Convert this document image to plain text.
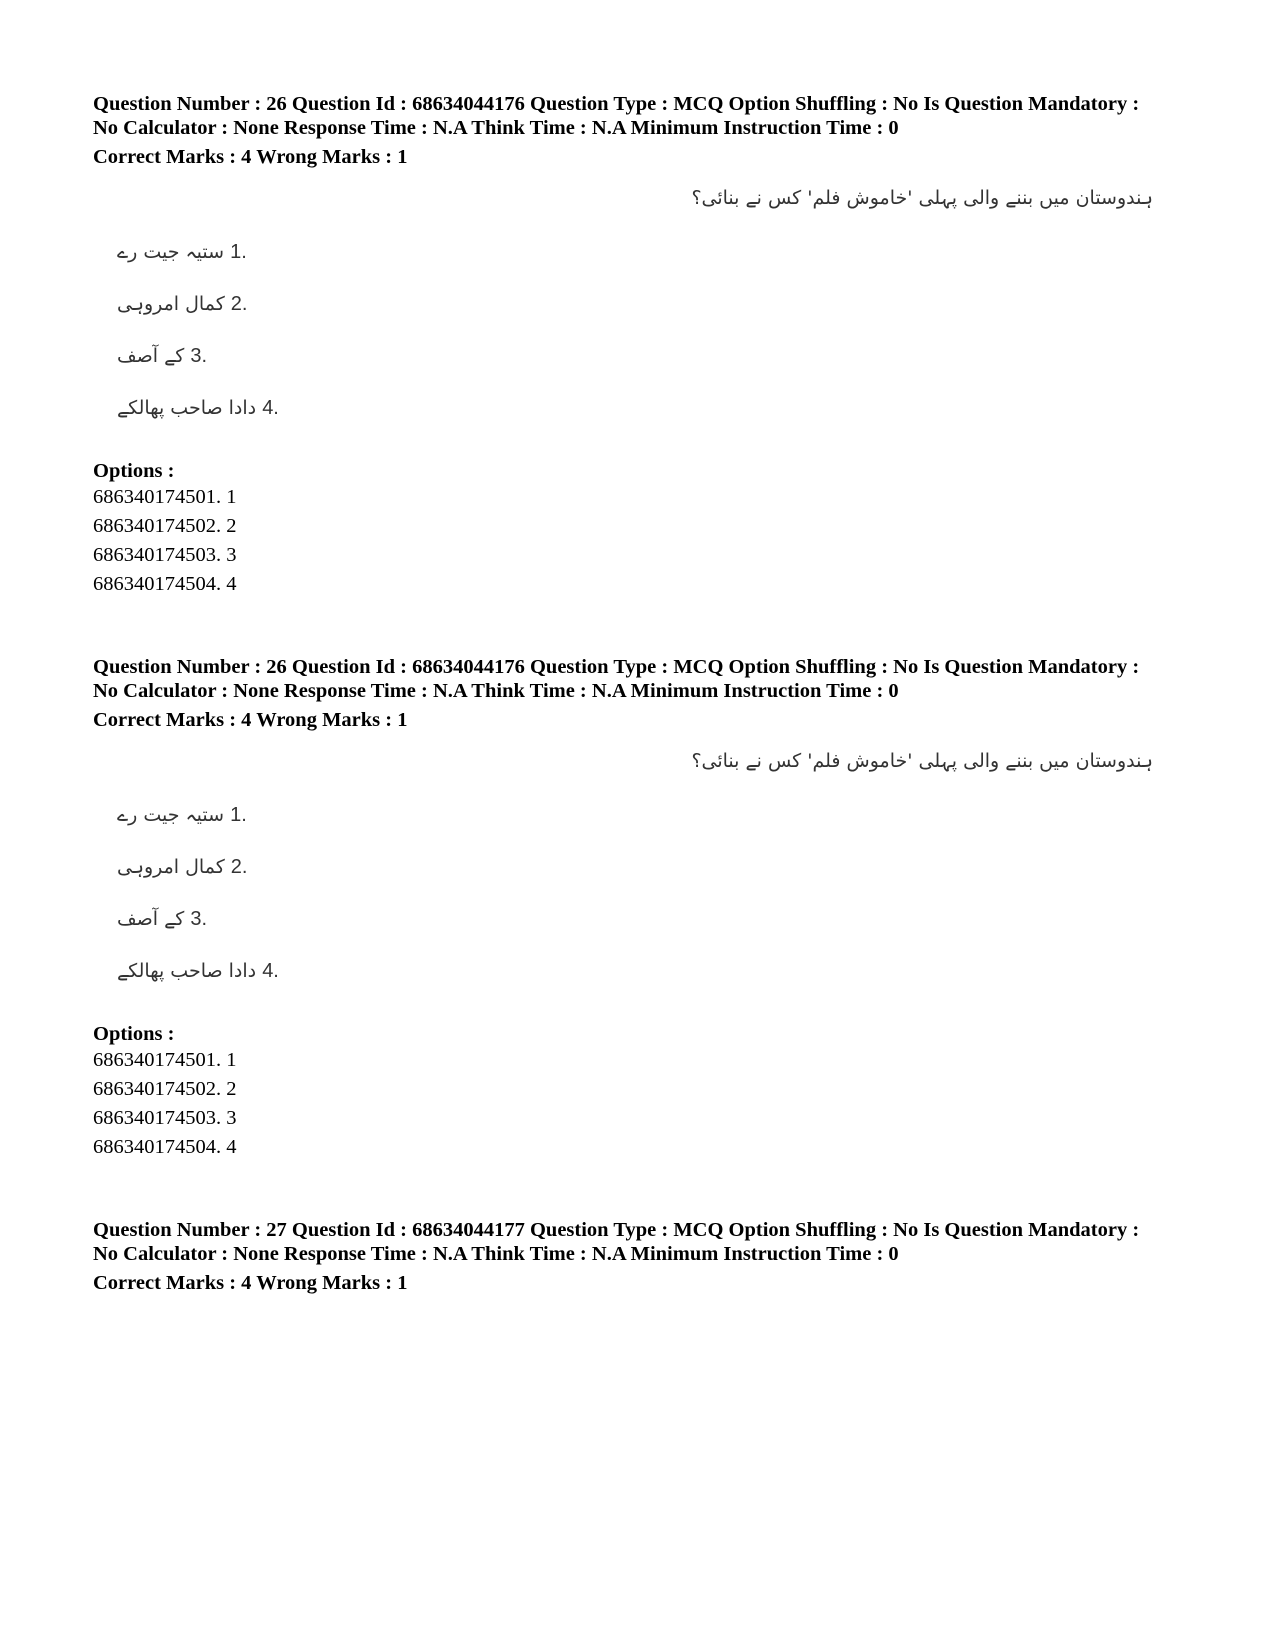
Question Number : 26 Question Id : 68634044176 Question Type : MCQ Option Shuffling : No Is Question Mandatory :

No Calculator : None Response Time : N.A Think Time : N.A Minimum Instruction Time : 0

Correct Marks : 4 Wrong Marks : 1

ہندوستان میں بننے والی پہلی 'خاموش فلم' کس نے بنائی؟
ستیہ جیت رے 1.
کمال امروہی 2.
کے آصف 3.
دادا صاحب پھالکے 4.

Options :

686340174501. 1

686340174502. 2

686340174503. 3

686340174504. 4

Question Number : 26 Question Id : 68634044176 Question Type : MCQ Option Shuffling : No Is Question Mandatory :

No Calculator : None Response Time : N.A Think Time : N.A Minimum Instruction Time : 0

Correct Marks : 4 Wrong Marks : 1

ہندوستان میں بننے والی پہلی 'خاموش فلم' کس نے بنائی؟
ستیہ جیت رے 1.
کمال امروہی 2.
کے آصف 3.
دادا صاحب پھالکے 4.

Options :

686340174501. 1

686340174502. 2

686340174503. 3

686340174504. 4

Question Number : 27 Question Id : 68634044177 Question Type : MCQ Option Shuffling : No Is Question Mandatory :

No Calculator : None Response Time : N.A Think Time : N.A Minimum Instruction Time : 0

Correct Marks : 4 Wrong Marks : 1
